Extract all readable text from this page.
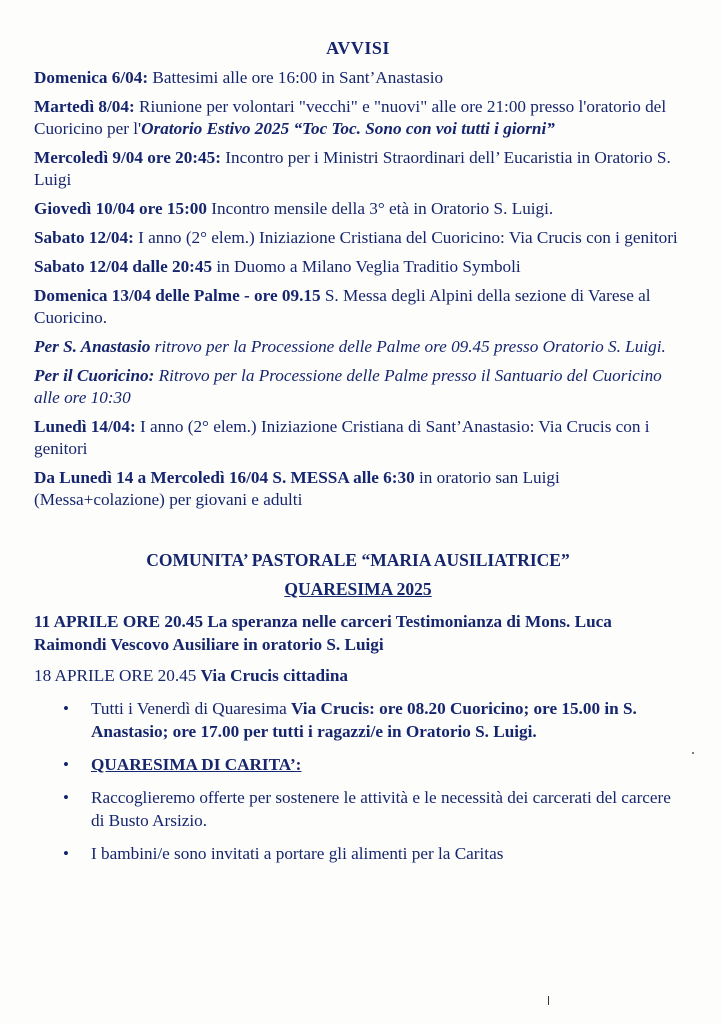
AVVISI
Domenica 6/04: Battesimi alle ore 16:00 in Sant’Anastasio
Martedì 8/04: Riunione per volontari "vecchi" e "nuovi" alle ore 21:00 presso l'oratorio del Cuoricino per l'Oratorio Estivo 2025 “Toc Toc. Sono con voi tutti i giorni”
Mercoledì 9/04 ore 20:45: Incontro per i Ministri Straordinari dell’ Eucaristia in Oratorio S. Luigi
Giovedì 10/04 ore 15:00 Incontro mensile della 3° età in Oratorio S. Luigi.
Sabato 12/04: I anno (2° elem.) Iniziazione Cristiana del Cuoricino: Via Crucis con i genitori
Sabato 12/04 dalle 20:45 in Duomo a Milano Veglia Traditio Symboli
Domenica 13/04 delle Palme - ore 09.15 S. Messa degli Alpini della sezione di Varese al Cuoricino.
Per S. Anastasio ritrovo per la Processione delle Palme ore 09.45 presso Oratorio S. Luigi.
Per il Cuoricino: Ritrovo per la Processione delle Palme presso il Santuario del Cuoricino alle ore 10:30
Lunedì 14/04: I anno (2° elem.) Iniziazione Cristiana di Sant’Anastasio: Via Crucis con i genitori
Da Lunedì 14 a Mercoledì 16/04 S. MESSA alle 6:30 in oratorio san Luigi (Messa+colazione) per giovani e adulti
COMUNITA’ PASTORALE “MARIA AUSILIATRICE”
QUARESIMA 2025
11 APRILE ORE 20.45 La speranza nelle carceri Testimonianza di Mons. Luca Raimondi Vescovo Ausiliare in oratorio S. Luigi
18 APRILE ORE 20.45 Via Crucis cittadina
• Tutti i Venerdì di Quaresima Via Crucis: ore 08.20 Cuoricino; ore 15.00 in S. Anastasio; ore 17.00 per tutti i ragazzi/e in Oratorio S. Luigi.
• QUARESIMA DI CARITA’:
• Raccoglieremo offerte per sostenere le attività e le necessità dei carcerati del carcere di Busto Arsizio.
• I bambini/e sono invitati a portare gli alimenti per la Caritas
